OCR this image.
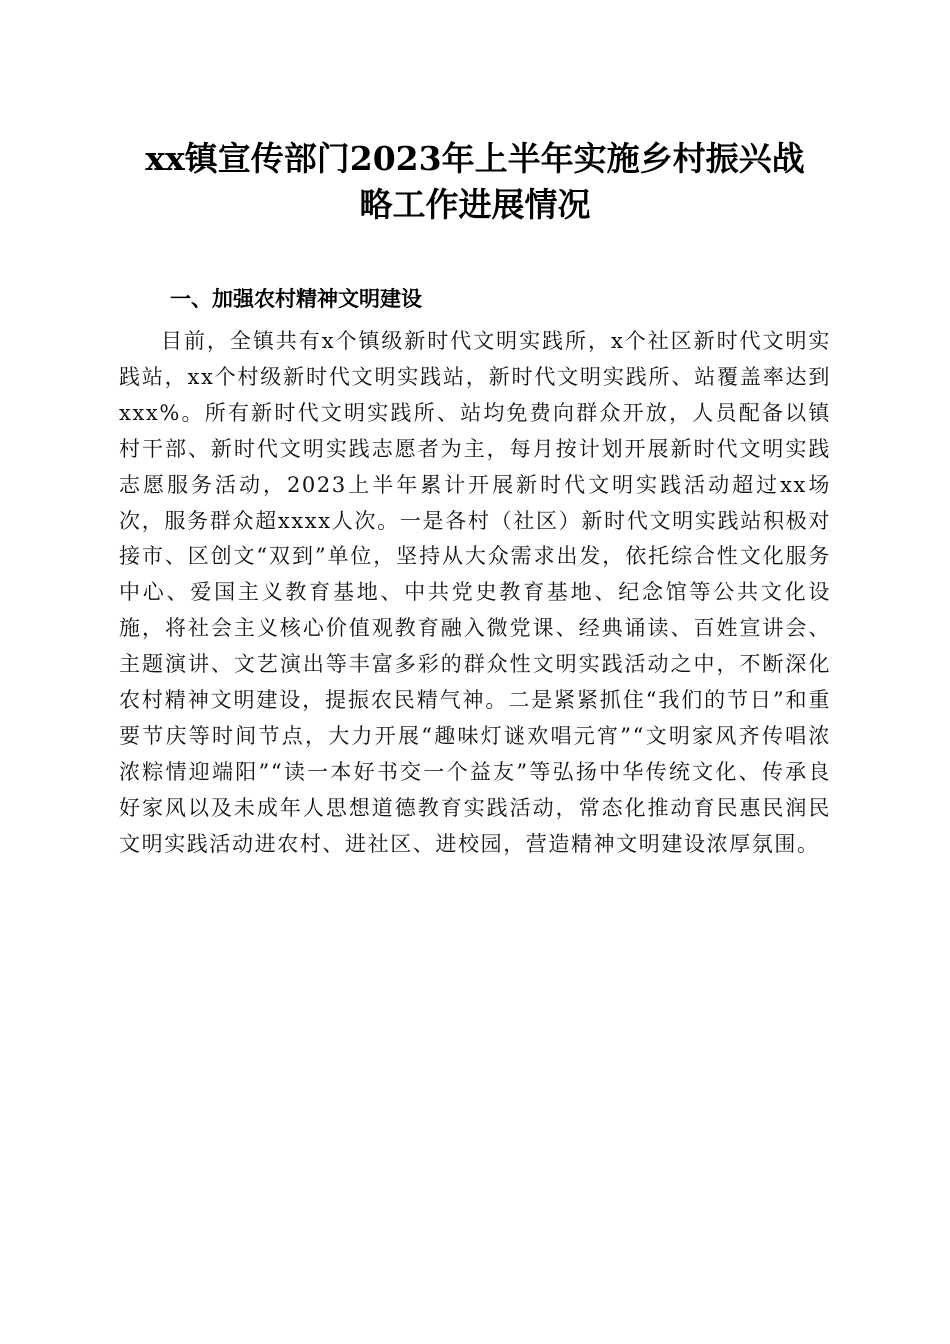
xx镇宣传部门2023年上半年实施乡村振兴战
略工作进展情况
一、加强农村精神文明建设

目前，全镇共有x个镇级新时代文明实践所，x个社区新时代文明实践站，xx个村级新时代文明实践站，新时代文明实践所、站覆盖率达到xxx%。所有新时代文明实践所、站均免费向群众开放，人员配备以镇村干部、新时代文明实践志愿者为主，每月按计划开展新时代文明实践志愿服务活动，2023上半年累计开展新时代文明实践活动超过xx场次，服务群众超xxxx人次。一是各村（社区）新时代文明实践站积极对接市、区创文“双到”单位，坚持从大众需求出发，依托综合性文化服务中心、爱国主义教育基地、中共党史教育基地、纪念馆等公共文化设施，将社会主义核心价值观教育融入微党课、经典诵读、百姓宣讲会、主题演讲、文艺演出等丰富多彩的群众性文明实践活动之中，不断深化农村精神文明建设，提振农民精气神。二是紧紧抓住“我们的节日”和重要节庆等时间节点，大力开展“趣味灯谜欢唱元宵”“文明家风齐传唱浓浓粽情迎端阳”“读一本好书交一个益友”等弘扬中华传统文化、传承良好家风以及未成年人思想道德教育实践活动，常态化推动育民惠民润民文明实践活动进农村、进社区、进校园，营造精神文明建设浓厚氛围。
